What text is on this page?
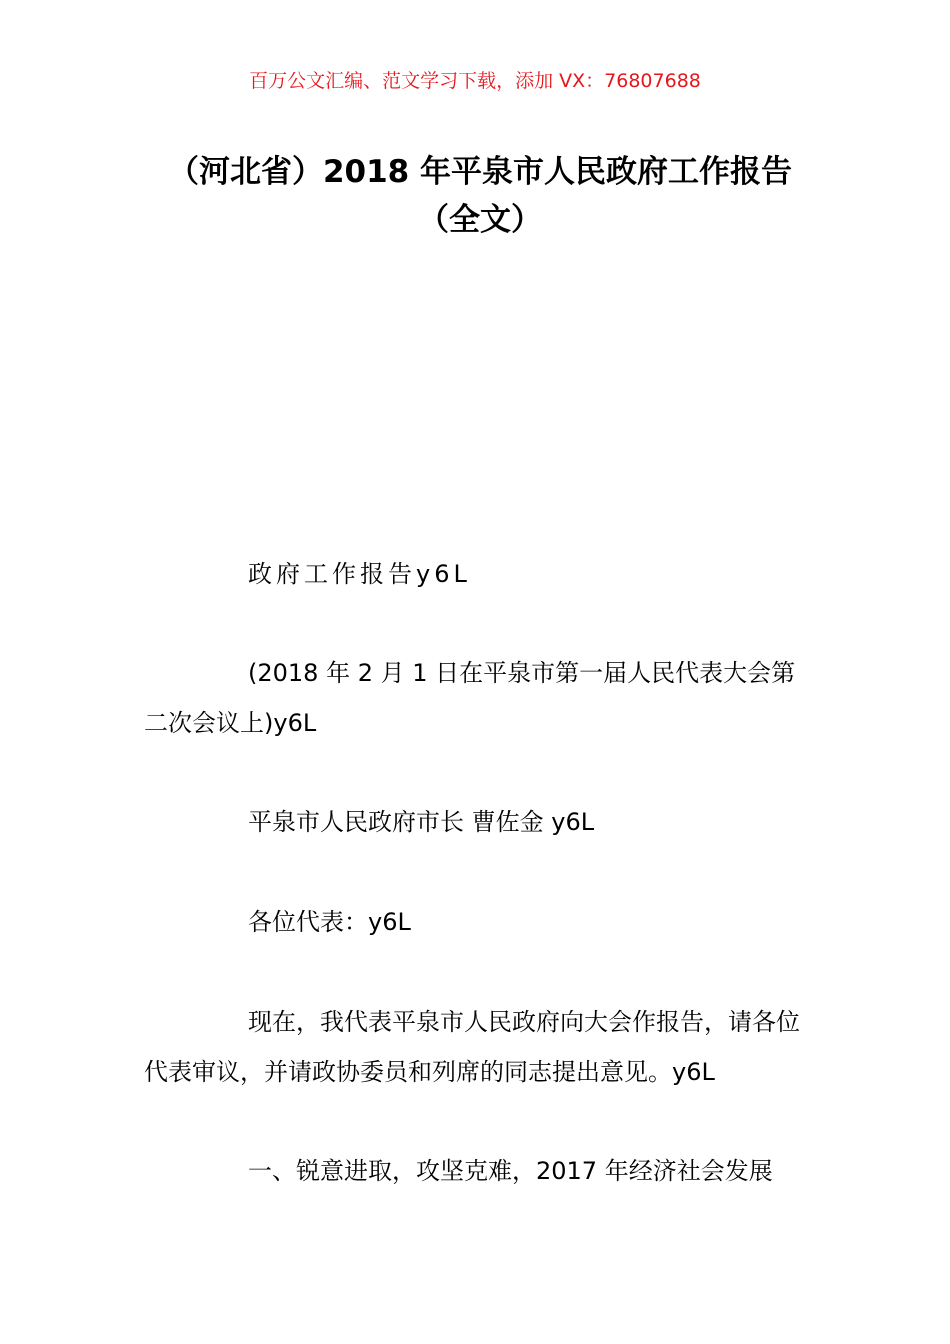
百万公文汇编、范文学习下载，添加 VX：76807688
（河北省）2018 年平泉市人民政府工作报告（全文）
政府工作报告y6L
(2018 年 2 月 1 日在平泉市第一届人民代表大会第二次会议上)y6L
平泉市人民政府市长 曹佐金 y6L
各位代表：y6L
现在，我代表平泉市人民政府向大会作报告，请各位代表审议，并请政协委员和列席的同志提出意见。y6L
一、锐意进取，攻坚克难，2017 年经济社会发展
